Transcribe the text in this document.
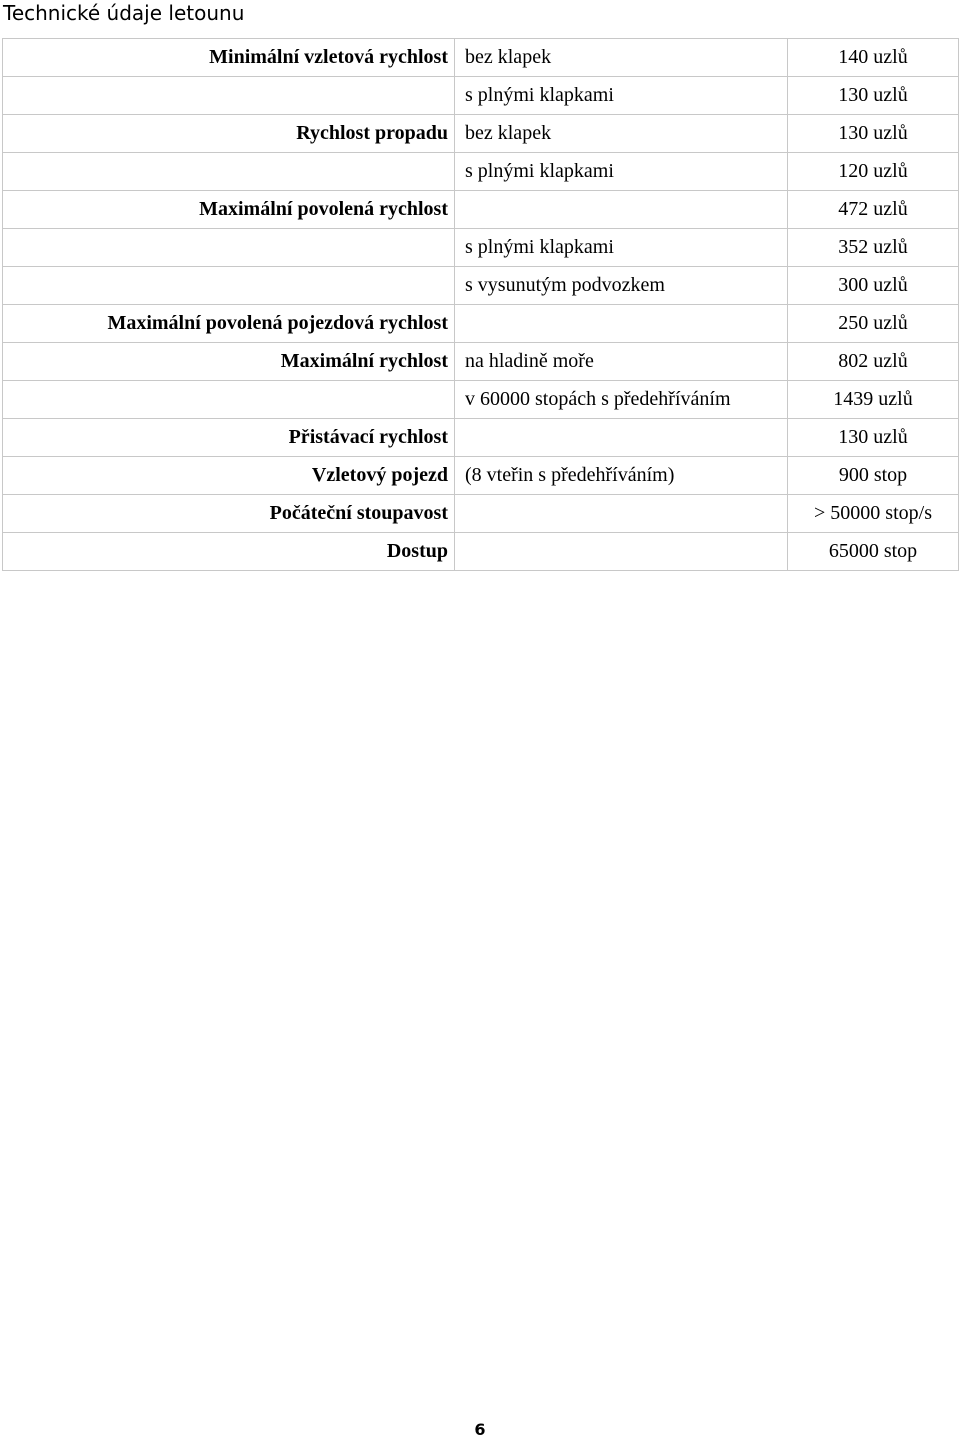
Technické údaje letounu
Minimální vzletová rychlost	bez klapek	140 uzlů
	s plnými klapkami	130 uzlů
Rychlost propadu	bez klapek	130 uzlů
	s plnými klapkami	120 uzlů
Maximální povolená rychlost		472 uzlů
	s plnými klapkami	352 uzlů
	s vysunutým podvozkem	300 uzlů
Maximální povolená pojezdová rychlost		250 uzlů
Maximální rychlost	na hladině moře	802 uzlů
	v 60000 stopách s předehříváním	1439 uzlů
Přistávací rychlost		130 uzlů
Vzletový pojezd	(8 vteřin s předehříváním)	900 stop
Počáteční stoupavost		> 50000 stop/s
Dostup		65000 stop
6
